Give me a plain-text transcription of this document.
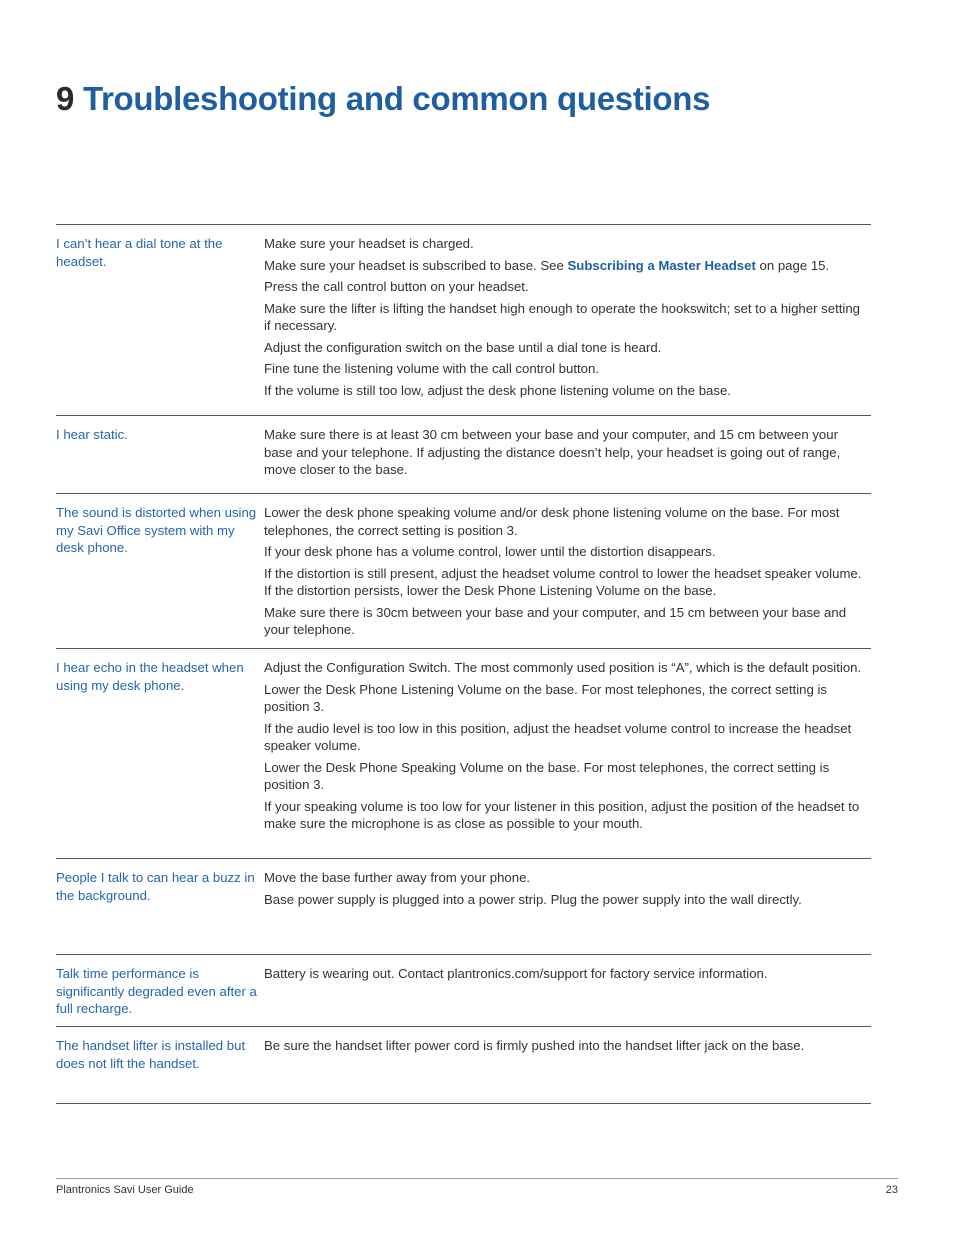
9 Troubleshooting and common questions
I can’t hear a dial tone at the headset.

Make sure your headset is charged.

Make sure your headset is subscribed to base. See Subscribing a Master Headset on page 15.

Press the call control button on your headset.

Make sure the lifter is lifting the handset high enough to operate the hookswitch; set to a higher setting if necessary.

Adjust the configuration switch on the base until a dial tone is heard.

Fine tune the listening volume with the call control button.

If the volume is still too low, adjust the desk phone listening volume on the base.

I hear static.	Make sure there is at least 30 cm between your base and your computer, and 15 cm between your base and your telephone. If adjusting the distance doesn’t help, your headset is going out of range, move closer to the base.

The sound is distorted when using my Savi Office system with my desk phone.

Lower the desk phone speaking volume and/or desk phone listening volume on the base. For most telephones, the correct setting is position 3.

If your desk phone has a volume control, lower until the distortion disappears.

If the distortion is still present, adjust the headset volume control to lower the headset speaker volume. If the distortion persists, lower the Desk Phone Listening Volume on the base.

Make sure there is 30cm between your base and your computer, and 15 cm between your base and your telephone.

I hear echo in the headset when using my desk phone.

Adjust the Configuration Switch. The most commonly used position is “A”, which is the default position.

Lower the Desk Phone Listening Volume on the base. For most telephones, the correct setting is position 3.

If the audio level is too low in this position, adjust the headset volume control to increase the headset speaker volume.

Lower the Desk Phone Speaking Volume on the base. For most telephones, the correct setting is position 3.

If your speaking volume is too low for your listener in this position, adjust the position of the headset to make sure the microphone is as close as possible to your mouth.

People I talk to can hear a buzz in the background.

Move the base further away from your phone.

Base power supply is plugged into a power strip. Plug the power supply into the wall directly.

Talk time performance is significantly degraded even after a full recharge.

Battery is wearing out. Contact plantronics.com/support for factory service information.

The handset lifter is installed but does not lift the handset.

Be sure the handset lifter power cord is firmly pushed into the handset lifter jack on the base.

Plantronics Savi User Guide	23
